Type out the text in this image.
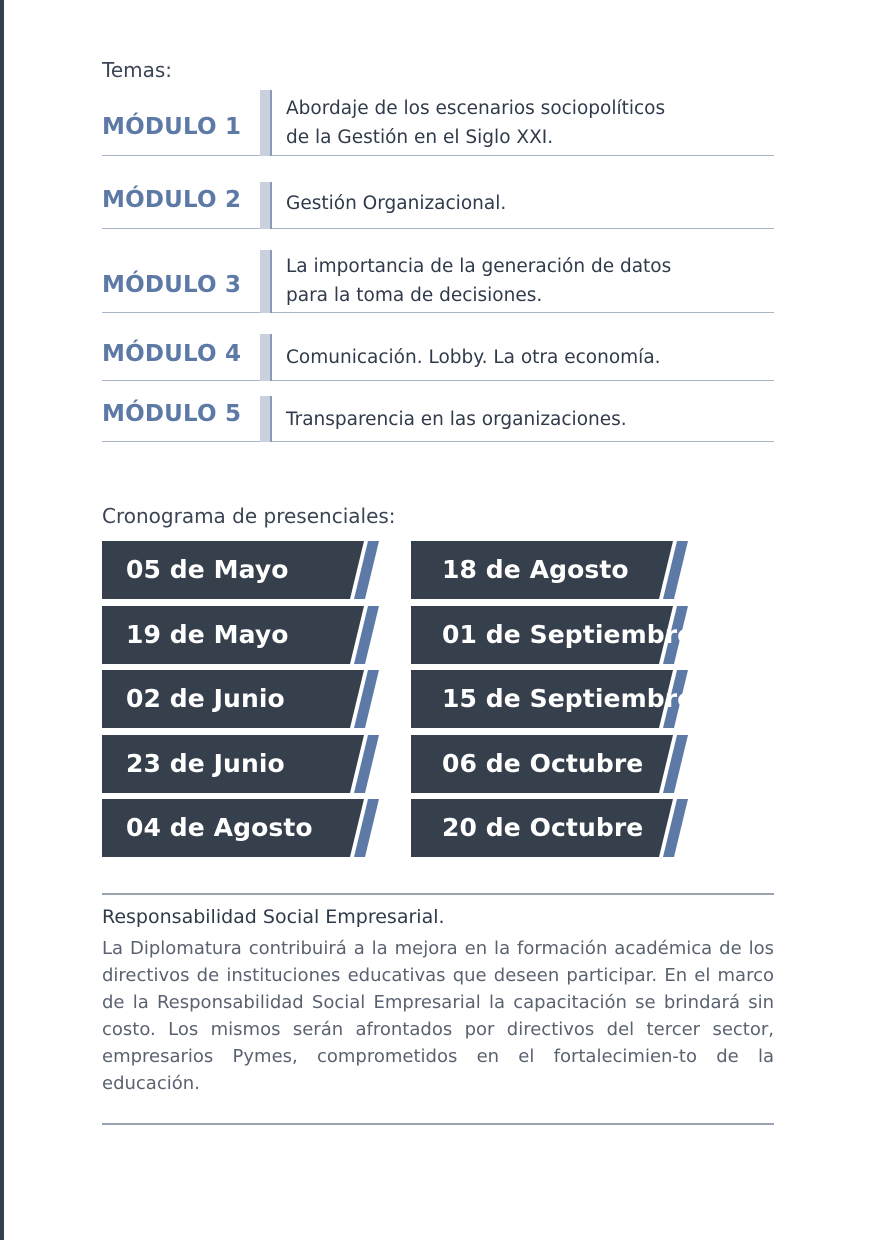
Temas:
MÓDULO 1
Abordaje de los escenarios sociopolíticos
de la Gestión en el Siglo XXI.
MÓDULO 2 Gestión Organizacional.
MÓDULO 3
La importancia de la generación de datos
para la toma de decisiones.
MÓDULO 4 Comunicación. Lobby. La otra economía.
MÓDULO 5 Transparencia en las organizaciones.
Cronograma de presenciales:
05 de Mayo
19 de Mayo
02 de Junio
23 de Junio
04 de Agosto
18 de Agosto
01 de Septiembre
15 de Septiembre
06 de Octubre
20 de Octubre
Responsabilidad Social Empresarial.
La Diplomatura contribuirá a la mejora en la formación académica de los directivos de instituciones educativas que deseen participar. En el marco de la Responsabilidad Social Empresarial la capacitación se brindará sin costo. Los mismos serán afrontados por directivos del tercer sector, empresarios Pymes, comprometidos en el fortalecimien-to de la educación.
